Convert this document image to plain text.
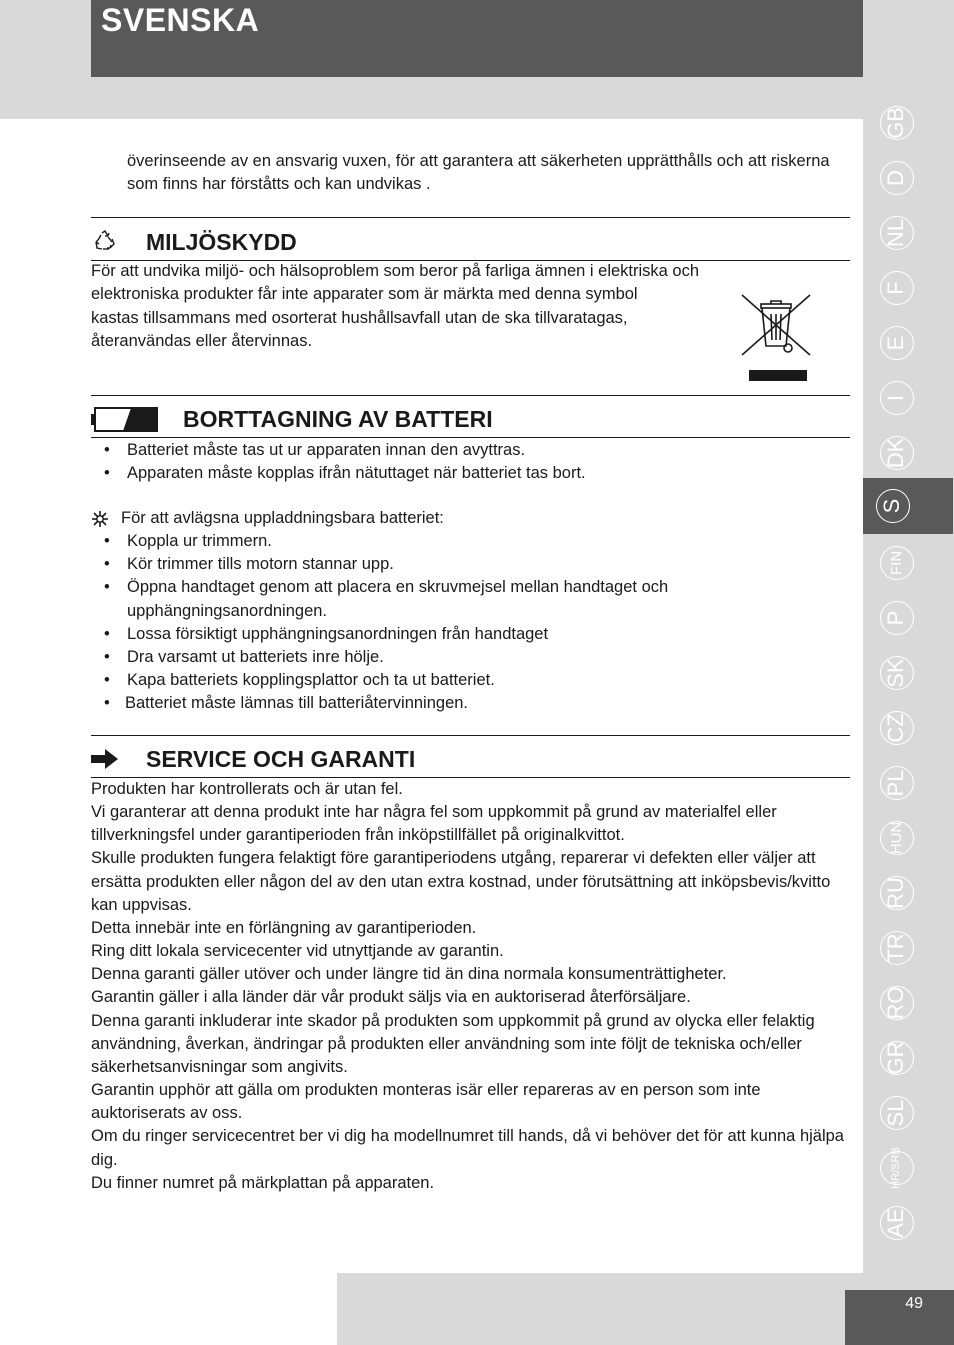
SVENSKA
49
överinseende av en ansvarig vuxen, för att garantera att säkerheten upprätthålls och att riskerna som finns har förståtts och kan undvikas .
MILJÖSKYDD
För att undvika miljö- och hälsoproblem som beror på farliga ämnen i elektriska och
elektroniska produkter får inte apparater som är märkta med denna symbol
kastas tillsammans med osorterat hushållsavfall utan de ska tillvaratagas,
återanvändas eller återvinnas.
BORTTAGNING AV BATTERI
• Batteriet måste tas ut ur apparaten innan den avyttras.
• Apparaten måste kopplas ifrån nätuttaget när batteriet tas bort.
För att avlägsna uppladdningsbara batteriet:
• Koppla ur trimmern.
• Kör trimmer tills motorn stannar upp.
• Öppna handtaget genom att placera en skruvmejsel mellan handtaget och upphängningsanordningen.
• Lossa försiktigt upphängningsanordningen från handtaget
• Dra varsamt ut batteriets inre hölje.
• Kapa batteriets kopplingsplattor och ta ut batteriet.
• Batteriet måste lämnas till batteriåtervinningen.
SERVICE OCH GARANTI
Produkten har kontrollerats och är utan fel.
Vi garanterar att denna produkt inte har några fel som uppkommit på grund av materialfel eller tillverkningsfel under garantiperioden från inköpstillfället på originalkvittot.
Skulle produkten fungera felaktigt före garantiperiodens utgång, reparerar vi defekten eller väljer att ersätta produkten eller någon del av den utan extra kostnad, under förutsättning att inköpsbevis/kvitto kan uppvisas.
Detta innebär inte en förlängning av garantiperioden.
Ring ditt lokala servicecenter vid utnyttjande av garantin.
Denna garanti gäller utöver och under längre tid än dina normala konsumenträttigheter.
Garantin gäller i alla länder där vår produkt säljs via en auktoriserad återförsäljare.
Denna garanti inkluderar inte skador på produkten som uppkommit på grund av olycka eller felaktig användning, åverkan, ändringar på produkten eller användning som inte följt de tekniska och/eller säkerhetsanvisningar som angivits.
Garantin upphör att gälla om produkten monteras isär eller repareras av en person som inte auktoriserats av oss.
Om du ringer servicecentret ber vi dig ha modellnumret till hands, då vi behöver det för att kunna hjälpa dig.
Du finner numret på märkplattan på apparaten.
GB
D
NL
F
E
I
DK
S
FIN
P
SK
CZ
PL
HUN
RU
TR
RO
GR
SL
HR/SRB
AE
